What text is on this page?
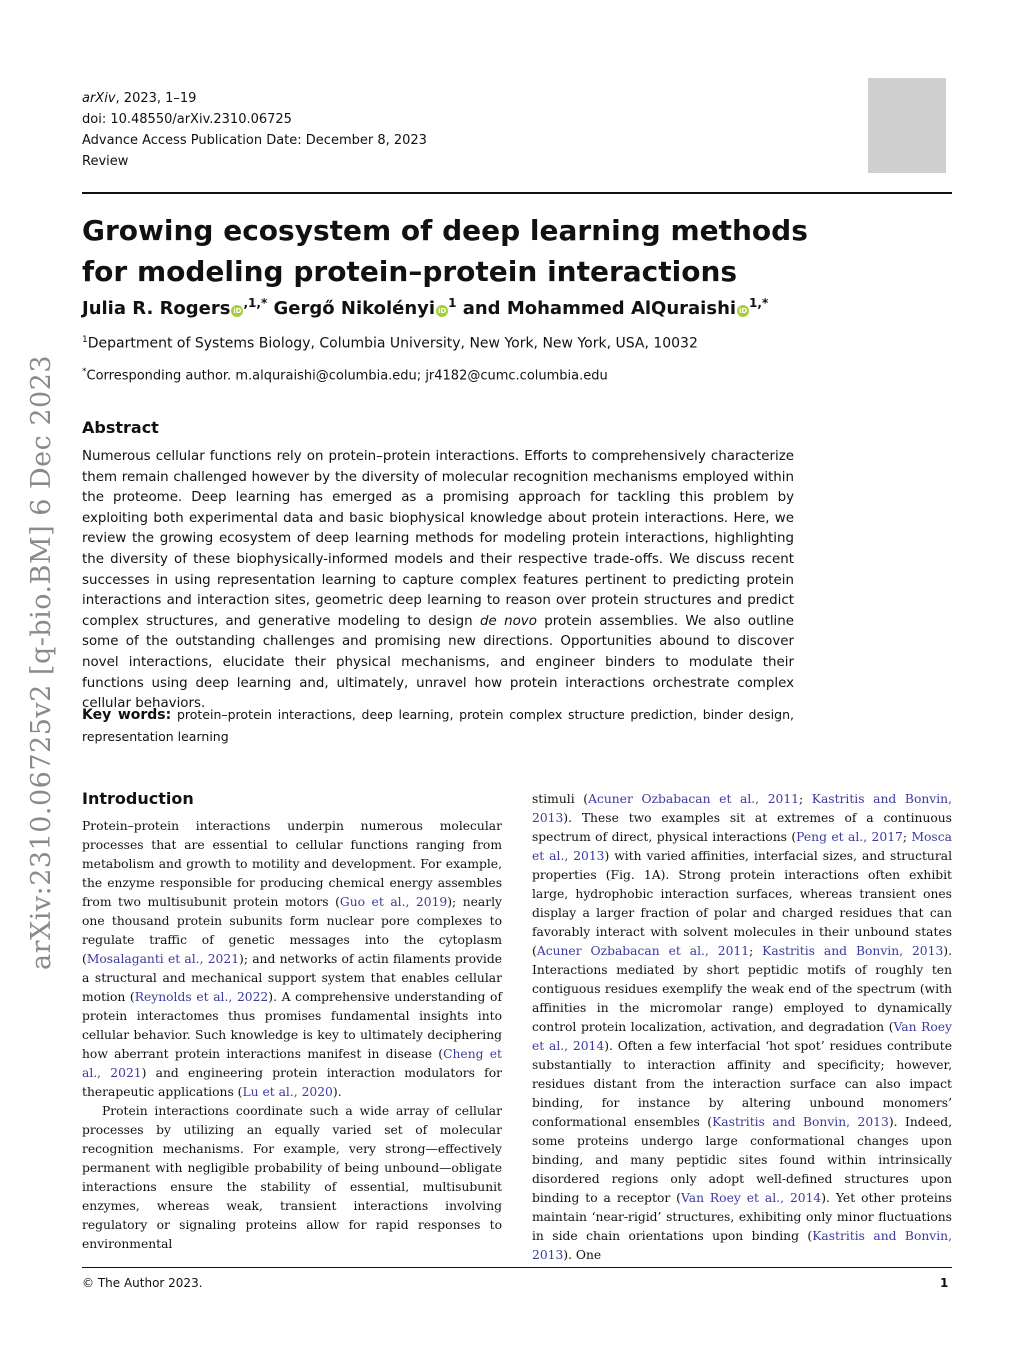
arXiv:2310.06725v2 [q-bio.BM] 6 Dec 2023
arXiv, 2023, 1–19
doi: 10.48550/arXiv.2310.06725
Advance Access Publication Date: December 8, 2023
Review
Growing ecosystem of deep learning methods for modeling protein–protein interactions
Julia R. Rogers $iD^{,1,*}$ Gergő Nikolényi $iD^1$ and Mohammed AlQuraishi $iD^{1,*}$
$^1$Department of Systems Biology, Columbia University, New York, New York, USA, 10032
*Corresponding author. m.alquraishi@columbia.edu; jr4182@cumc.columbia.edu
Abstract
Numerous cellular functions rely on protein–protein interactions. Efforts to comprehensively characterize them remain challenged however by the diversity of molecular recognition mechanisms employed within the proteome. Deep learning has emerged as a promising approach for tackling this problem by exploiting both experimental data and basic biophysical knowledge about protein interactions. Here, we review the growing ecosystem of deep learning methods for modeling protein interactions, highlighting the diversity of these biophysically-informed models and their respective trade-offs. We discuss recent successes in using representation learning to capture complex features pertinent to predicting protein interactions and interaction sites, geometric deep learning to reason over protein structures and predict complex structures, and generative modeling to design de novo protein assemblies. We also outline some of the outstanding challenges and promising new directions. Opportunities abound to discover novel interactions, elucidate their physical mechanisms, and engineer binders to modulate their functions using deep learning and, ultimately, unravel how protein interactions orchestrate complex cellular behaviors.
Key words: protein–protein interactions, deep learning, protein complex structure prediction, binder design, representation learning
Introduction

Protein–protein interactions underpin numerous molecular processes that are essential to cellular functions ranging from metabolism and growth to motility and development. For example, the enzyme responsible for producing chemical energy assembles from two multisubunit protein motors (Guo et al., 2019); nearly one thousand protein subunits form nuclear pore complexes to regulate traffic of genetic messages into the cytoplasm (Mosalaganti et al., 2021); and networks of actin filaments provide a structural and mechanical support system that enables cellular motion (Reynolds et al., 2022). A comprehensive understanding of protein interactomes thus promises fundamental insights into cellular behavior. Such knowledge is key to ultimately deciphering how aberrant protein interactions manifest in disease (Cheng et al., 2021) and engineering protein interaction modulators for therapeutic applications (Lu et al., 2020).

Protein interactions coordinate such a wide array of cellular processes by utilizing an equally varied set of molecular recognition mechanisms. For example, very strong—effectively permanent with negligible probability of being unbound—obligate interactions ensure the stability of essential, multisubunit enzymes, whereas weak, transient interactions involving regulatory or signaling proteins allow for rapid responses to environmental

stimuli (Acuner Ozbabacan et al., 2011; Kastritis and Bonvin, 2013). These two examples sit at extremes of a continuous spectrum of direct, physical interactions (Peng et al., 2017; Mosca et al., 2013) with varied affinities, interfacial sizes, and structural properties (Fig. 1A). Strong protein interactions often exhibit large, hydrophobic interaction surfaces, whereas transient ones display a larger fraction of polar and charged residues that can favorably interact with solvent molecules in their unbound states (Acuner Ozbabacan et al., 2011; Kastritis and Bonvin, 2013). Interactions mediated by short peptidic motifs of roughly ten contiguous residues exemplify the weak end of the spectrum (with affinities in the micromolar range) employed to dynamically control protein localization, activation, and degradation (Van Roey et al., 2014). Often a few interfacial ‘hot spot’ residues contribute substantially to interaction affinity and specificity; however, residues distant from the interaction surface can also impact binding, for instance by altering unbound monomers’ conformational ensembles (Kastritis and Bonvin, 2013). Indeed, some proteins undergo large conformational changes upon binding, and many peptidic sites found within intrinsically disordered regions only adopt well-defined structures upon binding to a receptor (Van Roey et al., 2014). Yet other proteins maintain ‘near-rigid’ structures, exhibiting only minor fluctuations in side chain orientations upon binding (Kastritis and Bonvin, 2013). One

© The Author 2023.	1
